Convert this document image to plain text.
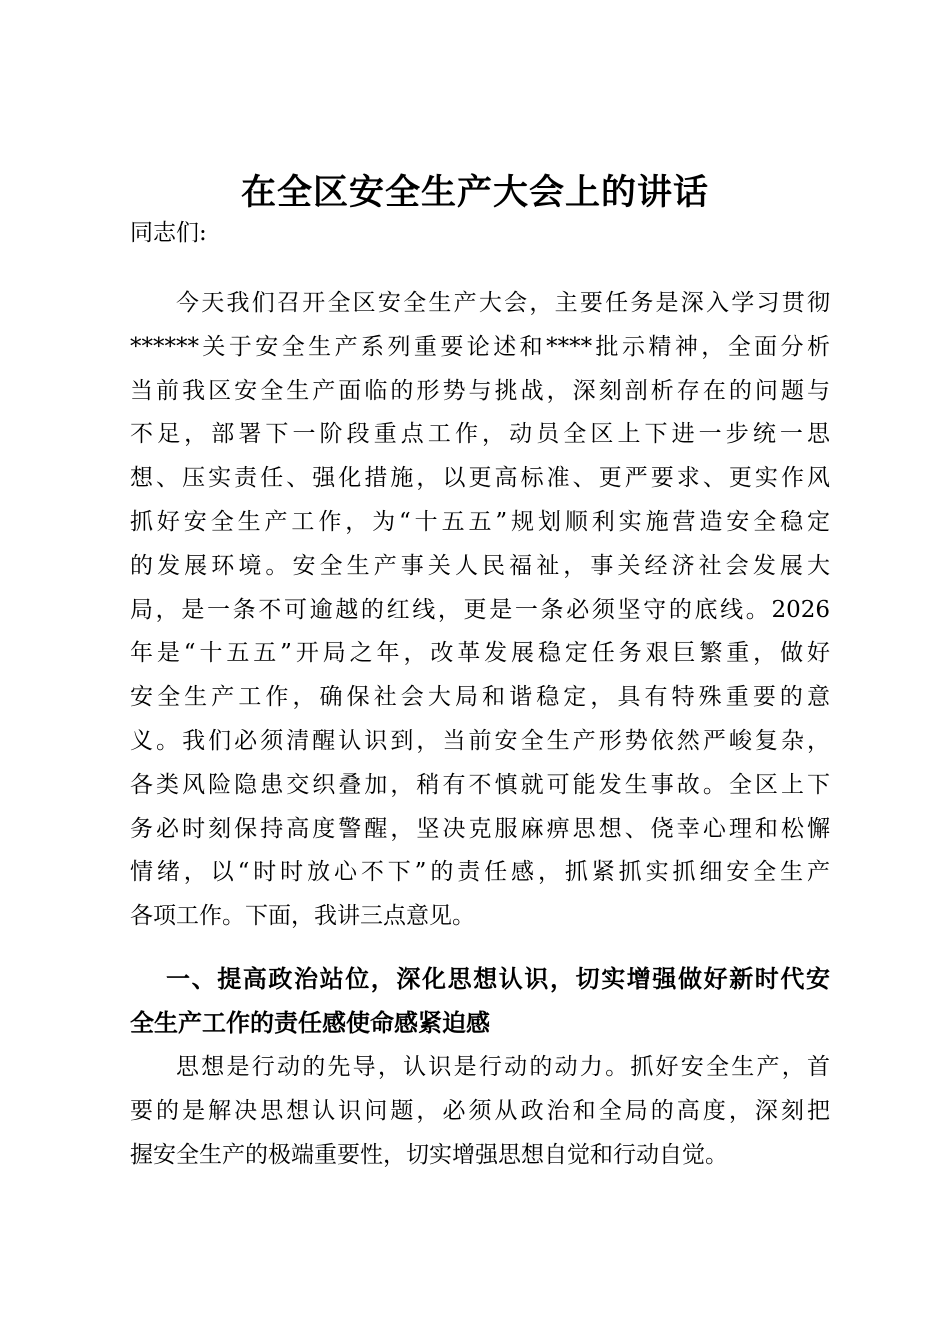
在全区安全生产大会上的讲话

同志们:

今天我们召开全区安全生产大会，主要任务是深入学习贯彻
******关于安全生产系列重要论述和****批示精神，全面分析
当前我区安全生产面临的形势与挑战，深刻剖析存在的问题与
不足，部署下一阶段重点工作，动员全区上下进一步统一思
想、压实责任、强化措施，以更高标准、更严要求、更实作风
抓好安全生产工作，为“十五五”规划顺利实施营造安全稳定
的发展环境。安全生产事关人民福祉，事关经济社会发展大
局，是一条不可逾越的红线，更是一条必须坚守的底线。2026
年是“十五五”开局之年，改革发展稳定任务艰巨繁重，做好
安全生产工作，确保社会大局和谐稳定，具有特殊重要的意
义。我们必须清醒认识到，当前安全生产形势依然严峻复杂，
各类风险隐患交织叠加，稍有不慎就可能发生事故。全区上下
务必时刻保持高度警醒，坚决克服麻痹思想、侥幸心理和松懈
情绪，以“时时放心不下”的责任感，抓紧抓实抓细安全生产
各项工作。下面，我讲三点意见。
一、提高政治站位，深化思想认识，切实增强做好新时代安
全生产工作的责任感使命感紧迫感
思想是行动的先导，认识是行动的动力。抓好安全生产，首
要的是解决思想认识问题，必须从政治和全局的高度，深刻把
握安全生产的极端重要性，切实增强思想自觉和行动自觉。
